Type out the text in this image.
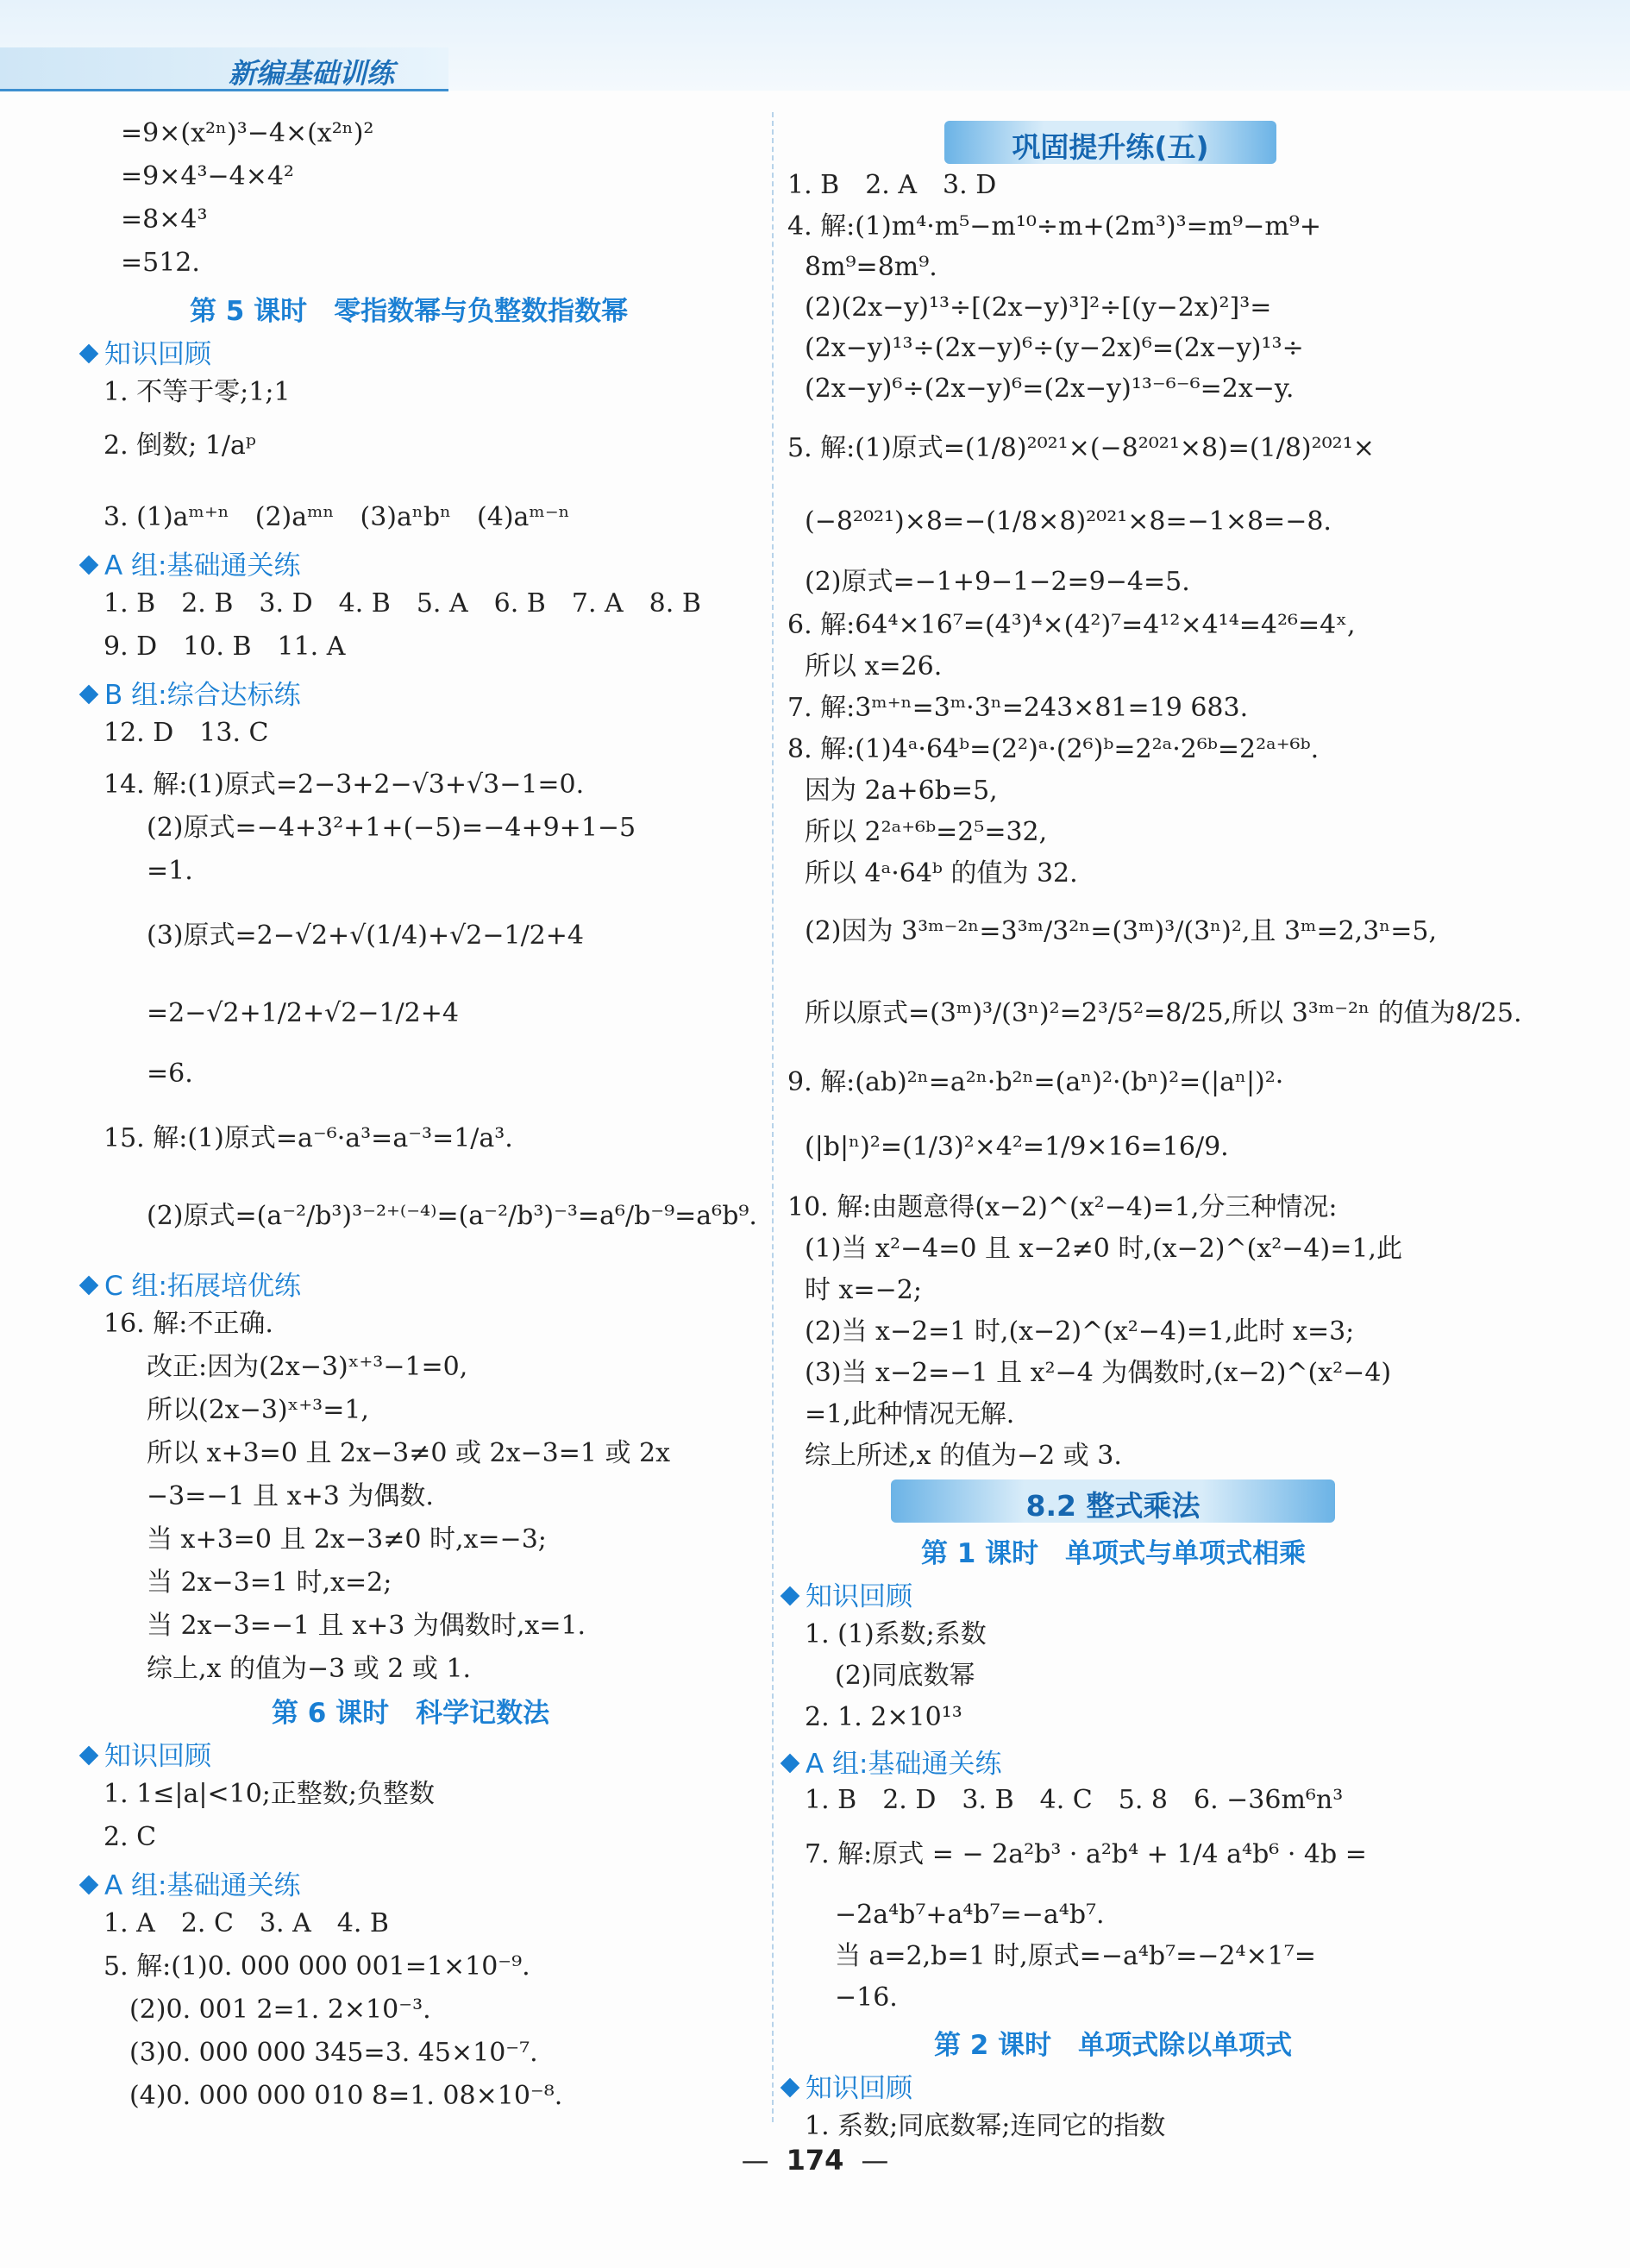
新编基础训练
=9×(x²ⁿ)³−4×(x²ⁿ)²
=9×4³−4×4²
=8×4³
=512.
第 5 课时　零指数幂与负整数指数幂
知识回顾
1. 不等于零;1;1
2. 倒数; 1/aᵖ
3. (1)aᵐ⁺ⁿ　(2)aᵐⁿ　(3)aⁿbⁿ　(4)aᵐ⁻ⁿ
A 组:基础通关练
1. B　2. B　3. D　4. B　5. A　6. B　7. A　8. B
9. D　10. B　11. A
B 组:综合达标练
12. D　13. C
14. 解:(1)原式=2−3+2−√3+√3−1=0.
(2)原式=−4+3²+1+(−5)=−4+9+1−5
=1.
(3)原式=2−√2+√(1/4)+√2−1/2+4
=2−√2+1/2+√2−1/2+4
=6.
15. 解:(1)原式=a⁻⁶·a³=a⁻³=1/a³.
(2)原式=(a⁻²/b³)³⁻²⁺⁽⁻⁴⁾=(a⁻²/b³)⁻³=a⁶/b⁻⁹=a⁶b⁹.
C 组:拓展培优练
16. 解:不正确.
改正:因为(2x−3)ˣ⁺³−1=0,
所以(2x−3)ˣ⁺³=1,
所以 x+3=0 且 2x−3≠0 或 2x−3=1 或 2x
−3=−1 且 x+3 为偶数.
当 x+3=0 且 2x−3≠0 时,x=−3;
当 2x−3=1 时,x=2;
当 2x−3=−1 且 x+3 为偶数时,x=1.
综上,x 的值为−3 或 2 或 1.
第 6 课时　科学记数法
知识回顾
1. 1≤|a|<10;正整数;负整数
2. C
A 组:基础通关练
1. A　2. C　3. A　4. B
5. 解:(1)0. 000 000 001=1×10⁻⁹.
(2)0. 001 2=1. 2×10⁻³.
(3)0. 000 000 345=3. 45×10⁻⁷.
(4)0. 000 000 010 8=1. 08×10⁻⁸.
巩固提升练(五)
1. B　2. A　3. D
4. 解:(1)m⁴·m⁵−m¹⁰÷m+(2m³)³=m⁹−m⁹+
8m⁹=8m⁹.
(2)(2x−y)¹³÷[(2x−y)³]²÷[(y−2x)²]³=
(2x−y)¹³÷(2x−y)⁶÷(y−2x)⁶=(2x−y)¹³÷
(2x−y)⁶÷(2x−y)⁶=(2x−y)¹³⁻⁶⁻⁶=2x−y.
5. 解:(1)原式=(1/8)²⁰²¹×(−8²⁰²¹×8)=(1/8)²⁰²¹×
(−8²⁰²¹)×8=−(1/8×8)²⁰²¹×8=−1×8=−8.
(2)原式=−1+9−1−2=9−4=5.
6. 解:64⁴×16⁷=(4³)⁴×(4²)⁷=4¹²×4¹⁴=4²⁶=4ˣ,
所以 x=26.
7. 解:3ᵐ⁺ⁿ=3ᵐ·3ⁿ=243×81=19 683.
8. 解:(1)4ᵃ·64ᵇ=(2²)ᵃ·(2⁶)ᵇ=2²ᵃ·2⁶ᵇ=2²ᵃ⁺⁶ᵇ.
因为 2a+6b=5,
所以 2²ᵃ⁺⁶ᵇ=2⁵=32,
所以 4ᵃ·64ᵇ 的值为 32.
(2)因为 3³ᵐ⁻²ⁿ=3³ᵐ/3²ⁿ=(3ᵐ)³/(3ⁿ)²,且 3ᵐ=2,3ⁿ=5,
所以原式=(3ᵐ)³/(3ⁿ)²=2³/5²=8/25,所以 3³ᵐ⁻²ⁿ 的值为8/25.
9. 解:(ab)²ⁿ=a²ⁿ·b²ⁿ=(aⁿ)²·(bⁿ)²=(|aⁿ|)²·
(|b|ⁿ)²=(1/3)²×4²=1/9×16=16/9.
10. 解:由题意得(x−2)^(x²−4)=1,分三种情况:
(1)当 x²−4=0 且 x−2≠0 时,(x−2)^(x²−4)=1,此
时 x=−2;
(2)当 x−2=1 时,(x−2)^(x²−4)=1,此时 x=3;
(3)当 x−2=−1 且 x²−4 为偶数时,(x−2)^(x²−4)
=1,此种情况无解.
综上所述,x 的值为−2 或 3.
8.2 整式乘法
第 1 课时　单项式与单项式相乘
知识回顾
1. (1)系数;系数
(2)同底数幂
2. 1. 2×10¹³
A 组:基础通关练
1. B　2. D　3. B　4. C　5. 8　6. −36m⁶n³
7. 解:原式 = − 2a²b³ · a²b⁴ + 1/4 a⁴b⁶ · 4b =
−2a⁴b⁷+a⁴b⁷=−a⁴b⁷.
当 a=2,b=1 时,原式=−a⁴b⁷=−2⁴×1⁷=
−16.
第 2 课时　单项式除以单项式
知识回顾
1. 系数;同底数幂;连同它的指数
— 174 —
